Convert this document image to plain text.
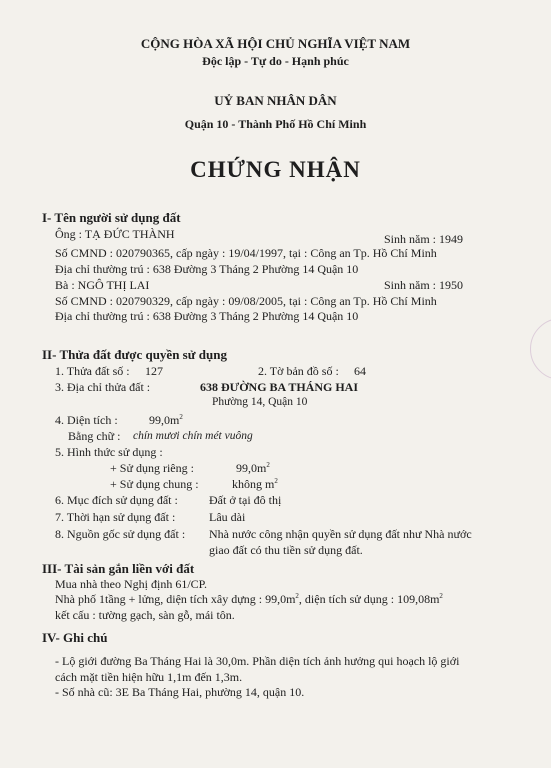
CỘNG HÒA XÃ HỘI CHỦ NGHĨA VIỆT NAM
Độc lập - Tự do - Hạnh phúc
UỶ BAN NHÂN DÂN
Quận 10 - Thành Phố Hồ Chí Minh
CHỨNG NHẬN
I- Tên người sử dụng đất
Ông : TẠ ĐỨC THÀNH	Sinh năm : 1949
Số CMND : 020790365, cấp ngày : 19/04/1997, tại : Công an Tp. Hồ Chí Minh
Địa chỉ thường trú : 638 Đường 3 Tháng 2 Phường 14 Quận 10
Bà : NGÔ THỊ LAI	Sinh năm : 1950
Số CMND : 020790329, cấp ngày : 09/08/2005, tại : Công an Tp. Hồ Chí Minh
Địa chỉ thường trú : 638 Đường 3 Tháng 2 Phường 14 Quận 10
II- Thửa đất được quyền sử dụng
1. Thửa đất số : 127	2. Tờ bản đồ số : 64
3. Địa chỉ thửa đất :	638 ĐƯỜNG BA THÁNG HAI
Phường 14, Quận 10
4. Diện tích :	$99,0m^2$
Bằng chữ : chín mươi chín mét vuông
5. Hình thức sử dụng :
+ Sử dụng riêng :	$99,0m^2$
+ Sử dụng chung :	không $m^2$
6. Mục đích sử dụng đất :	Đất ở tại đô thị
7. Thời hạn sử dụng đất :	Lâu dài
8. Nguồn gốc sử dụng đất : Nhà nước công nhận quyền sử dụng đất như Nhà nước
giao đất có thu tiền sử dụng đất.
III- Tài sản gắn liền với đất
Mua nhà theo Nghị định 61/CP.
Nhà phố 1tầng + lửng, diện tích xây dựng : $99,0m^2$, diện tích sử dụng : $109,08m^2$
kết cấu : tường gạch, sàn gỗ, mái tôn.
IV- Ghi chú
- Lộ giới đường Ba Tháng Hai là 30,0m. Phần diện tích ảnh hưởng qui hoạch lộ giới
cách mặt tiền hiện hữu 1,1m đến 1,3m.
- Số nhà cũ: 3E Ba Tháng Hai, phường 14, quận 10.
